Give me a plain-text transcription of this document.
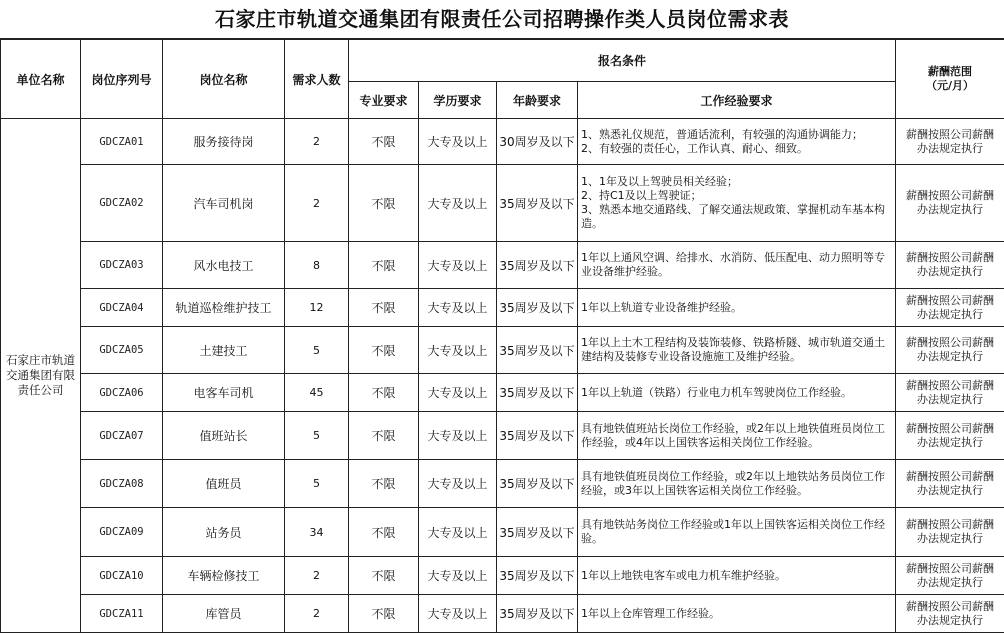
石家庄市轨道交通集团有限责任公司招聘操作类人员岗位需求表
单位名称	岗位序列号	岗位名称	需求人数	报名条件				薪酬范围
（元/月）
				专业要求	学历要求	年龄要求	工作经验要求	
石家庄市轨道交通集团有限责任公司	GDCZA01	服务接待岗	2	不限	大专及以上	30周岁及以下	1、熟悉礼仪规范，普通话流利，有较强的沟通协调能力；
2、有较强的责任心，工作认真、耐心、细致。	薪酬按照公司薪酬
办法规定执行
	GDCZA02	汽车司机岗	2	不限	大专及以上	35周岁及以下	1、1年及以上驾驶员相关经验；
2、持C1及以上驾驶证；
3、熟悉本地交通路线、了解交通法规政策、掌握机动车基本构造。	薪酬按照公司薪酬
办法规定执行
	GDCZA03	风水电技工	8	不限	大专及以上	35周岁及以下	1年以上通风空调、给排水、水消防、低压配电、动力照明等专业设备维护经验。	薪酬按照公司薪酬
办法规定执行
	GDCZA04	轨道巡检维护技工	12	不限	大专及以上	35周岁及以下	1年以上轨道专业设备维护经验。	薪酬按照公司薪酬
办法规定执行
	GDCZA05	土建技工	5	不限	大专及以上	35周岁及以下	1年以上土木工程结构及装饰装修、铁路桥隧、城市轨道交通土建结构及装修专业设备设施施工及维护经验。	薪酬按照公司薪酬
办法规定执行
	GDCZA06	电客车司机	45	不限	大专及以上	35周岁及以下	1年以上轨道（铁路）行业电力机车驾驶岗位工作经验。	薪酬按照公司薪酬
办法规定执行
	GDCZA07	值班站长	5	不限	大专及以上	35周岁及以下	具有地铁值班站长岗位工作经验，或2年以上地铁值班员岗位工作经验，或4年以上国铁客运相关岗位工作经验。	薪酬按照公司薪酬
办法规定执行
	GDCZA08	值班员	5	不限	大专及以上	35周岁及以下	具有地铁值班员岗位工作经验，或2年以上地铁站务员岗位工作经验，或3年以上国铁客运相关岗位工作经验。	薪酬按照公司薪酬
办法规定执行
	GDCZA09	站务员	34	不限	大专及以上	35周岁及以下	具有地铁站务岗位工作经验或1年以上国铁客运相关岗位工作经验。	薪酬按照公司薪酬
办法规定执行
	GDCZA10	车辆检修技工	2	不限	大专及以上	35周岁及以下	1年以上地铁电客车或电力机车维护经验。	薪酬按照公司薪酬
办法规定执行
	GDCZA11	库管员	2	不限	大专及以上	35周岁及以下	1年以上仓库管理工作经验。	薪酬按照公司薪酬
办法规定执行
